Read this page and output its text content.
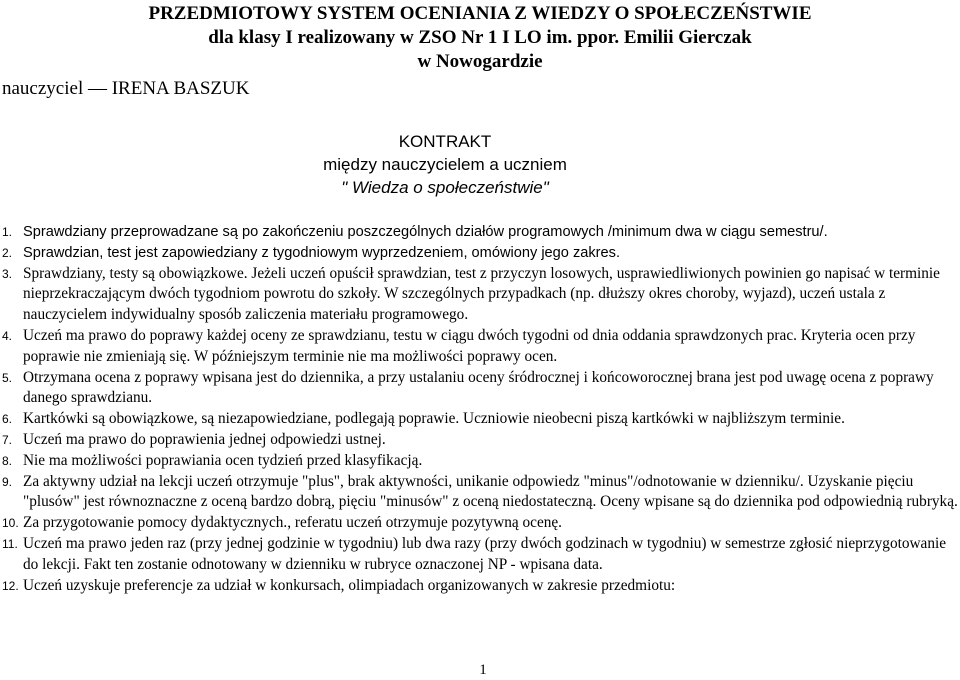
PRZEDMIOTOWY SYSTEM OCENIANIA Z WIEDZY O SPOŁECZEŃSTWIE
dla klasy I realizowany w ZSO Nr 1 I LO im. ppor. Emilii Gierczak
w Nowogardzie

nauczyciel — IRENA BASZUK

KONTRAKT
między nauczycielem a uczniem
" Wiedza o społeczeństwie"
1. Sprawdziany przeprowadzane są po zakończeniu poszczególnych działów programowych /minimum dwa w ciągu semestru/.
2. Sprawdzian, test jest zapowiedziany z tygodniowym wyprzedzeniem, omówiony jego zakres.
3. Sprawdziany, testy są obowiązkowe. Jeżeli uczeń opuścił sprawdzian, test z przyczyn losowych, usprawiedliwionych powinien go napisać w terminie nieprzekraczającym dwóch tygodniom powrotu do szkoły. W szczególnych przypadkach (np. dłuższy okres choroby, wyjazd), uczeń ustala z nauczycielem indywidualny sposób zaliczenia materiału programowego.
4. Uczeń ma prawo do poprawy każdej oceny ze sprawdzianu, testu w ciągu dwóch tygodni od dnia oddania sprawdzonych prac. Kryteria ocen przy poprawie nie zmieniają się. W późniejszym terminie nie ma możliwości poprawy ocen.
5. Otrzymana ocena z poprawy wpisana jest do dziennika, a przy ustalaniu oceny śródrocznej i końcoworocznej brana jest pod uwagę ocena z poprawy danego sprawdzianu.
6. Kartkówki są obowiązkowe, są niezapowiedziane, podlegają poprawie. Uczniowie nieobecni piszą kartkówki w najbliższym terminie.
7. Uczeń ma prawo do poprawienia jednej odpowiedzi ustnej.
8. Nie ma możliwości poprawiania ocen tydzień przed klasyfikacją.
9. Za aktywny udział na lekcji uczeń otrzymuje "plus", brak aktywności, unikanie odpowiedz "minus"/odnotowanie w dzienniku/. Uzyskanie pięciu "plusów" jest równoznaczne z oceną bardzo dobrą, pięciu "minusów" z oceną niedostateczną. Oceny wpisane są do dziennika pod odpowiednią rubryką.
10. Za przygotowanie pomocy dydaktycznych., referatu uczeń otrzymuje pozytywną ocenę.
11. Uczeń ma prawo jeden raz (przy jednej godzinie w tygodniu) lub dwa razy (przy dwóch godzinach w tygodniu) w semestrze zgłosić nieprzygotowanie do lekcji. Fakt ten zostanie odnotowany w dzienniku w rubryce oznaczonej NP - wpisana data.
12. Uczeń uzyskuje preferencje za udział w konkursach, olimpiadach organizowanych w zakresie przedmiotu:
1
